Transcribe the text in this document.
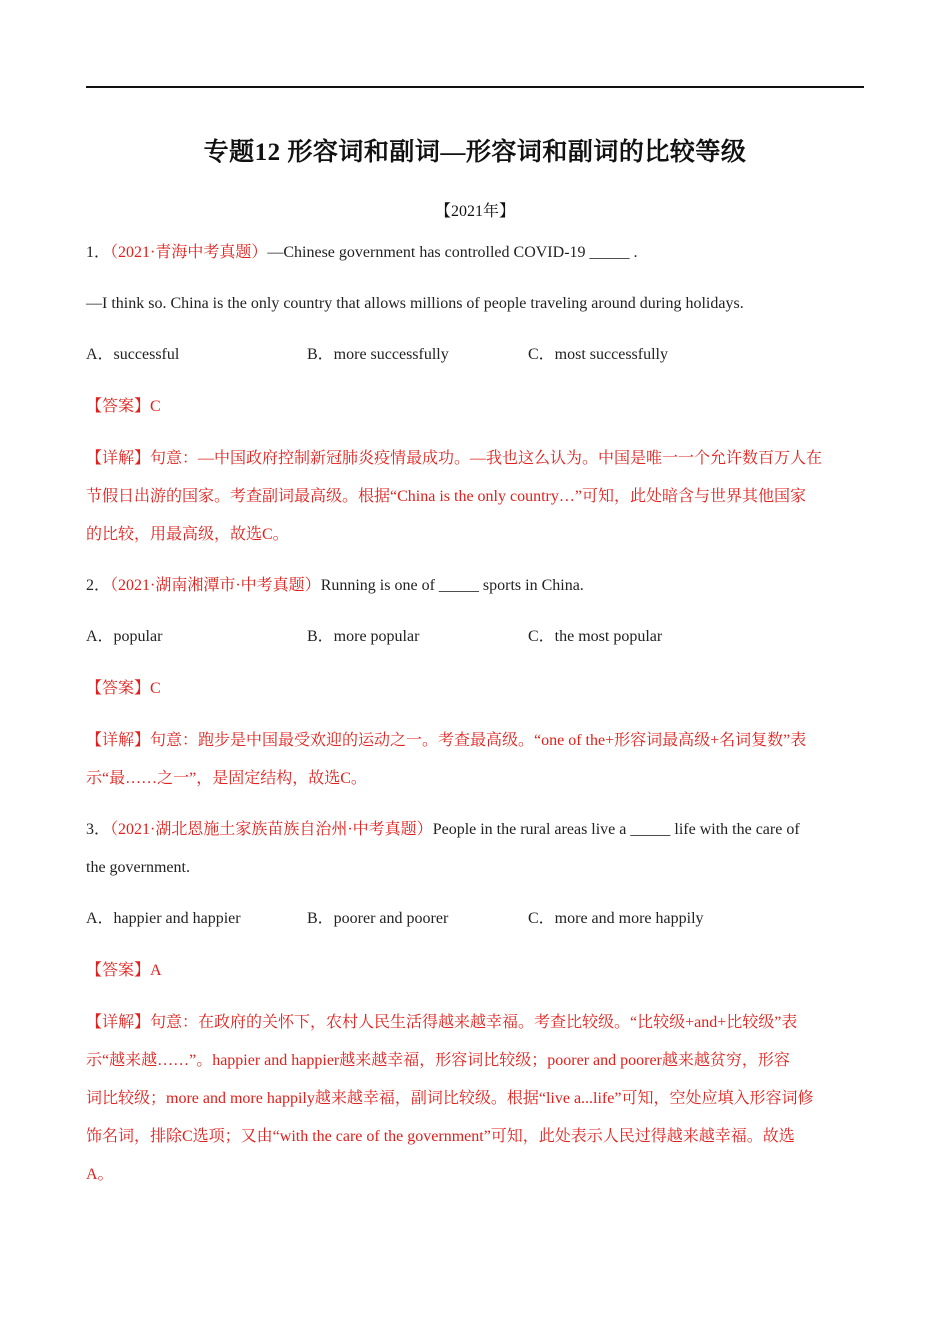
专题12 形容词和副词—形容词和副词的比较等级
【2021年】
1．（2021·青海中考真题）—Chinese government has controlled COVID-19 _____ .
—I think so. China is the only country that allows millions of people traveling around during holidays.
A．successful	B．more successfully	C．most successfully
【答案】C
【详解】句意：—中国政府控制新冠肺炎疫情最成功。—我也这么认为。中国是唯一一个允许数百万人在
节假日出游的国家。考查副词最高级。根据“China is the only country…”可知，此处暗含与世界其他国家
的比较，用最高级，故选C。
2．（2021·湖南湘潭市·中考真题）Running is one of _____ sports in China.
A．popular	B．more popular	C．the most popular
【答案】C
【详解】句意：跑步是中国最受欢迎的运动之一。考查最高级。“one of the+形容词最高级+名词复数”表
示“最……之一”，是固定结构，故选C。
3．（2021·湖北恩施土家族苗族自治州·中考真题）People in the rural areas live a _____ life with the care of
the government.
A．happier and happier	B．poorer and poorer	C．more and more happily
【答案】A
【详解】句意：在政府的关怀下，农村人民生活得越来越幸福。考查比较级。“比较级+and+比较级”表
示“越来越……”。happier and happier越来越幸福，形容词比较级；poorer and poorer越来越贫穷，形容
词比较级；more and more happily越来越幸福，副词比较级。根据“live a...life”可知，空处应填入形容词修
饰名词，排除C选项；又由“with the care of the government”可知，此处表示人民过得越来越幸福。故选
A。
